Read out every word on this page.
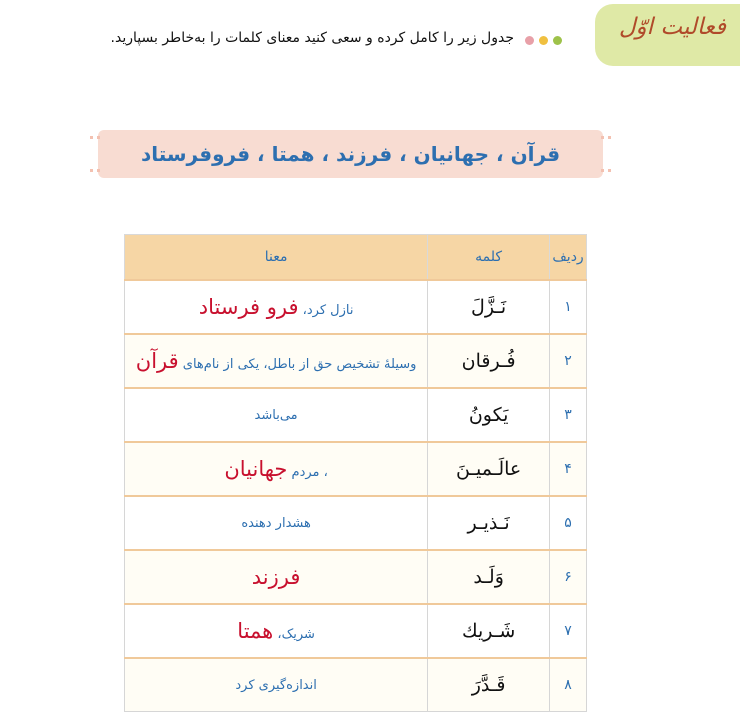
فعالیت اوّل
جدول زیر را کامل کرده و سعی کنید معنای کلمات را به‌خاطر بسپارید.
قرآن ، جهانیان ، فرزند ، همتا ، فروفرستاد
ردیف	کلمه	معنا
۱	نَـزَّلَ	نازل کرد، فرو فرستاد
۲	فُـرقان	وسیلهٔ تشخیص حق از باطل، یکی از نام‌های قرآن
۳	یَکونُ	می‌باشد
۴	عالَـمیـنَ	، مردم جهانیان
۵	نَـذیـر	هشدار دهنده
۶	وَلَـد	فرزند
۷	شَـریك	شریک، همتا
۸	قَـدَّرَ	اندازه‌گیری کرد
